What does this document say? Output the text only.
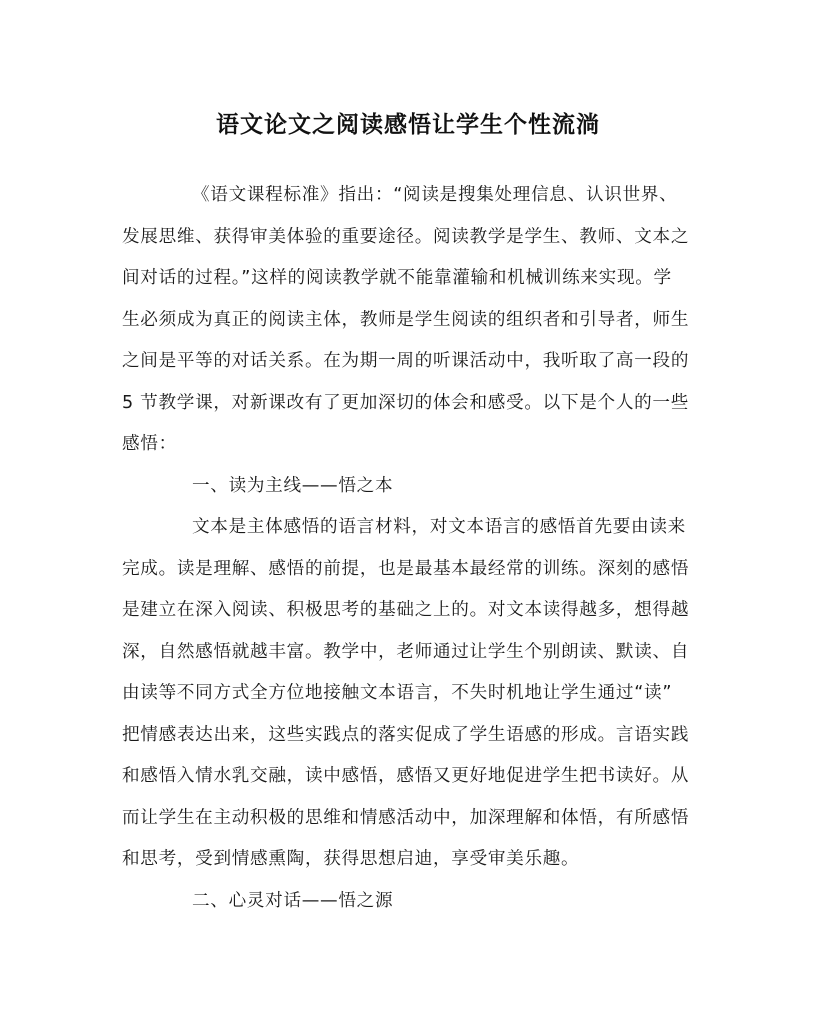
语文论文之阅读感悟让学生个性流淌
《语文课程标准》指出：“阅读是搜集处理信息、认识世界、
发展思维、获得审美体验的重要途径。阅读教学是学生、教师、文本之
间对话的过程。”这样的阅读教学就不能靠灌输和机械训练来实现。学
生必须成为真正的阅读主体，教师是学生阅读的组织者和引导者，师生
之间是平等的对话关系。在为期一周的听课活动中，我听取了高一段的
5 节教学课，对新课改有了更加深切的体会和感受。以下是个人的一些
感悟：
一、读为主线——悟之本
文本是主体感悟的语言材料，对文本语言的感悟首先要由读来
完成。读是理解、感悟的前提，也是最基本最经常的训练。深刻的感悟
是建立在深入阅读、积极思考的基础之上的。对文本读得越多，想得越
深，自然感悟就越丰富。教学中，老师通过让学生个别朗读、默读、自
由读等不同方式全方位地接触文本语言，不失时机地让学生通过“读”
把情感表达出来，这些实践点的落实促成了学生语感的形成。言语实践
和感悟入情水乳交融，读中感悟，感悟又更好地促进学生把书读好。从
而让学生在主动积极的思维和情感活动中，加深理解和体悟，有所感悟
和思考，受到情感熏陶，获得思想启迪，享受审美乐趣。
二、心灵对话——悟之源
